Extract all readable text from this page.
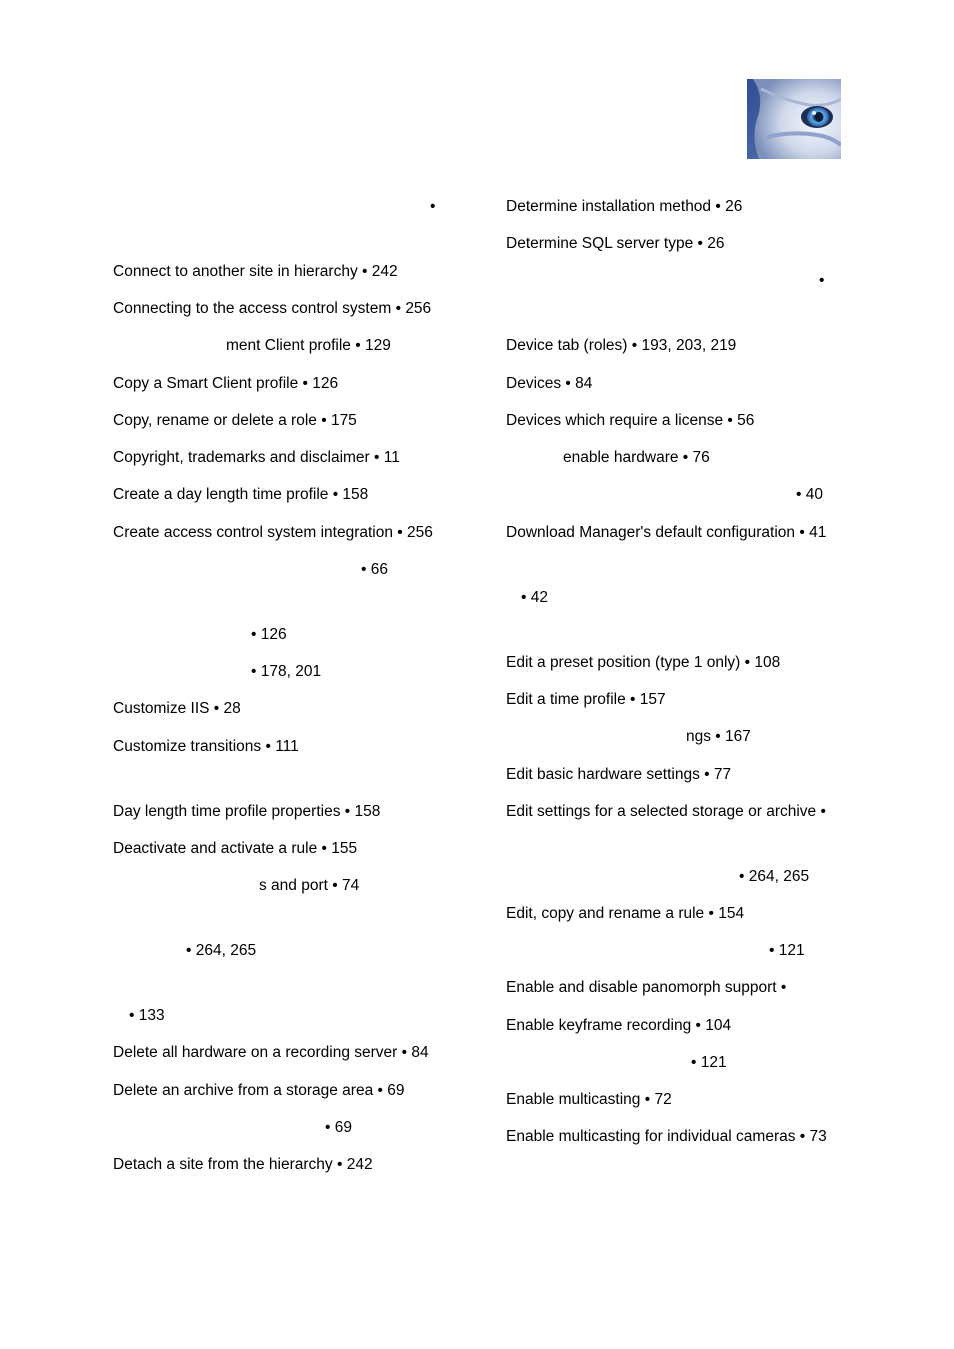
•
Connect to another site in hierarchy • 242
Connecting to the access control system • 256
ment Client profile • 129
Copy a Smart Client profile • 126
Copy, rename or delete a role • 175
Copyright, trademarks and disclaimer • 11
Create a day length time profile • 158
Create access control system integration • 256
• 66
• 126
• 178, 201
Customize IIS • 28
Customize transitions • 111
Day length time profile properties • 158
Deactivate and activate a rule • 155
s and port • 74
• 264, 265
• 133
Delete all hardware on a recording server • 84
Delete an archive from a storage area • 69
• 69
Detach a site from the hierarchy • 242
Determine installation method • 26
Determine SQL server type • 26
•
Device tab (roles) • 193, 203, 219
Devices • 84
Devices which require a license • 56
enable hardware • 76
• 40
Download Manager's default configuration • 41
• 42
Edit a preset position (type 1 only) • 108
Edit a time profile • 157
ngs • 167
Edit basic hardware settings • 77
Edit settings for a selected storage or archive •
• 264, 265
Edit, copy and rename a rule • 154
• 121
Enable and disable panomorph support •
Enable keyframe recording • 104
• 121
Enable multicasting • 72
Enable multicasting for individual cameras • 73
